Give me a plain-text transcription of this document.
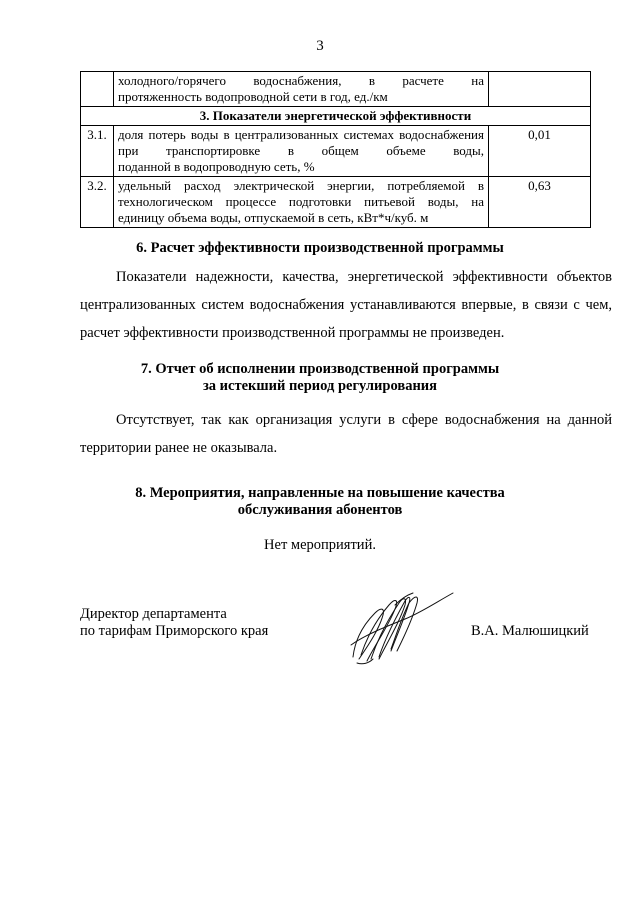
3
	холодного/горячего водоснабжения, в расчете на
протяженность водопроводной сети в год, ед./км	

3. Показатели энергетической эффективности		
3.1.	доля потерь воды в централизованных системах водоснабжения при транспортировке в общем объеме воды,
поданной в водопроводную сеть, %	0,01
3.2.	удельный расход электрической энергии, потребляемой в технологическом процессе подготовки питьевой воды, на
единицу объема воды, отпускаемой в сеть, кВт*ч/куб. м	0,63
6. Расчет эффективности производственной программы
Показатели надежности, качества, энергетической эффективности объектов централизованных систем водоснабжения устанавливаются впервые, в связи с чем, расчет эффективности производственной программы не произведен.
7. Отчет об исполнении производственной программы
за истекший период регулирования
Отсутствует, так как организация услуги в сфере водоснабжения на данной территории ранее не оказывала.
8. Мероприятия, направленные на повышение качества
обслуживания абонентов
Нет мероприятий.
Директор департамента
по тарифам Приморского края	В.А. Малюшицкий
